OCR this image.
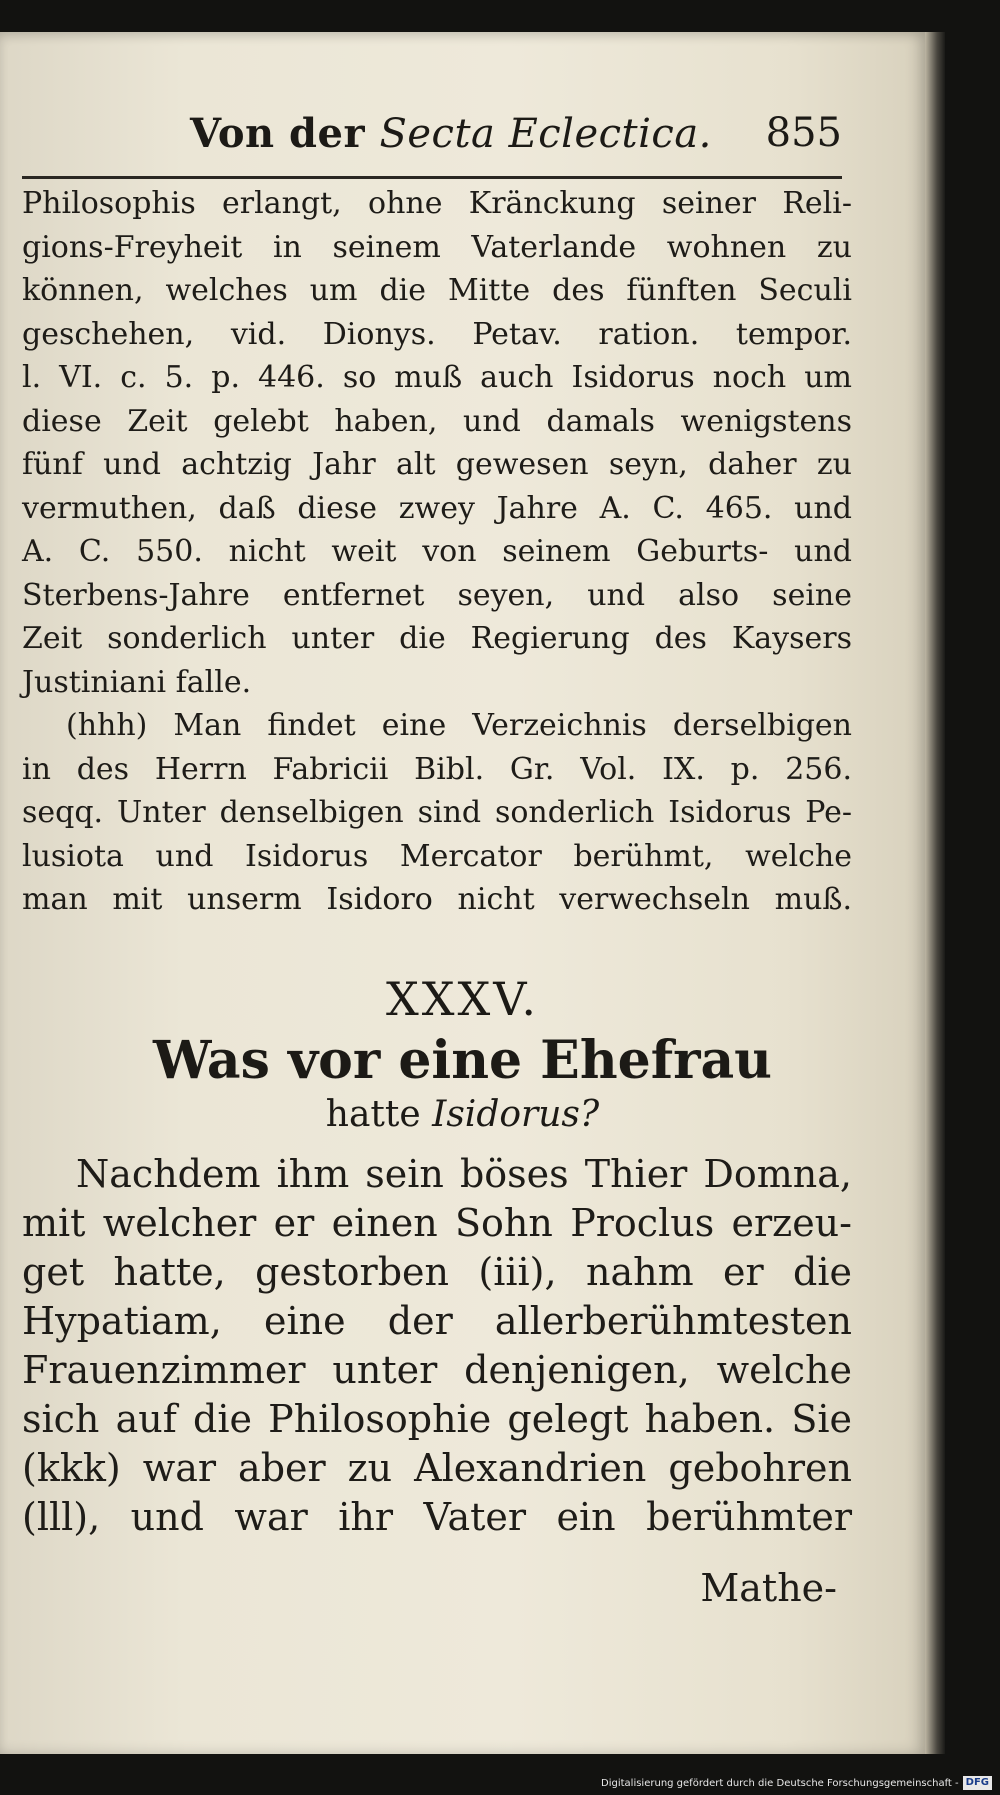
Von der Secta Eclectica. 855
Philosophis erlangt, ohne Kränckung seiner Reli-
gions-Freyheit in seinem Vaterlande wohnen zu
können, welches um die Mitte des fünften Seculi
geschehen, vid. Dionys. Petav. ration. tempor.
l. VI. c. 5. p. 446. so muß auch Isidorus noch um
diese Zeit gelebt haben, und damals wenigstens
fünf und achtzig Jahr alt gewesen seyn, daher zu
vermuthen, daß diese zwey Jahre A. C. 465. und
A. C. 550. nicht weit von seinem Geburts- und
Sterbens-Jahre entfernet seyen, und also seine
Zeit sonderlich unter die Regierung des Kaysers
Justiniani falle.
(hhh) Man findet eine Verzeichnis derselbigen
in des Herrn Fabricii Bibl. Gr. Vol. IX. p. 256.
seqq. Unter denselbigen sind sonderlich Isidorus Pe-
lusiota und Isidorus Mercator berühmt, welche
man mit unserm Isidoro nicht verwechseln muß.
XXXV.
Was vor eine Ehefrau
hatte Isidorus?
Nachdem ihm sein böses Thier Domna,
mit welcher er einen Sohn Proclus erzeu-
get hatte, gestorben (iii), nahm er die
Hypatiam, eine der allerberühmtesten
Frauenzimmer unter denjenigen, welche
sich auf die Philosophie gelegt haben. Sie
(kkk) war aber zu Alexandrien gebohren
(lll), und war ihr Vater ein berühmter
Mathe-
Digitalisierung gefördert durch die Deutsche Forschungsgemeinschaft - DFG
